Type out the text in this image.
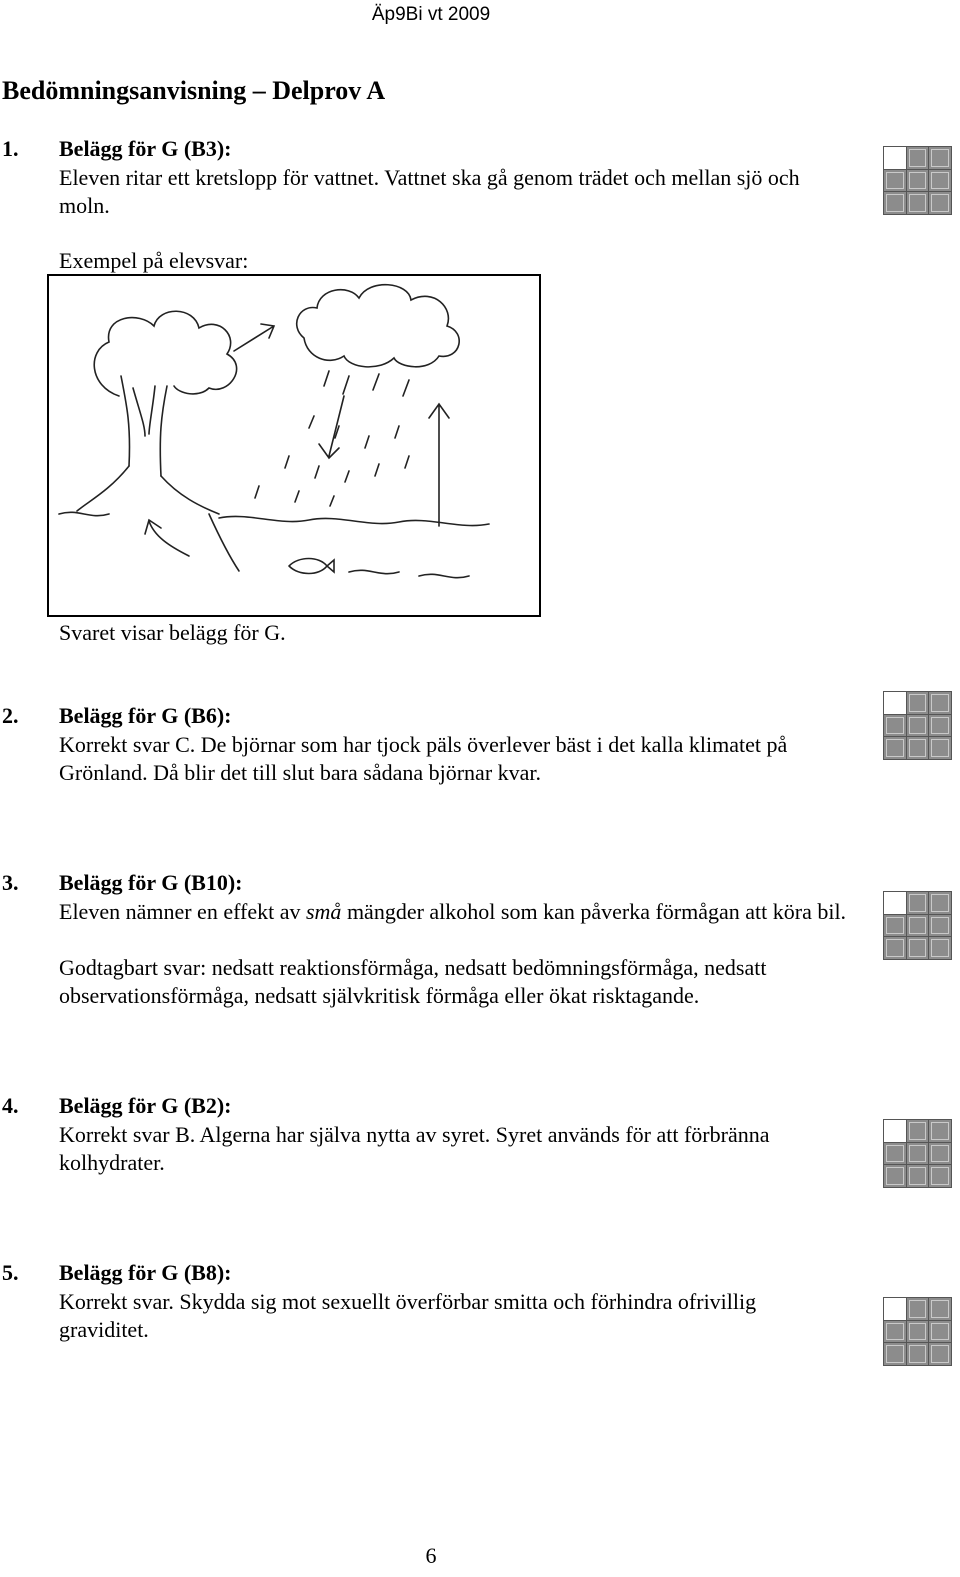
Äp9Bi vt 2009
Bedömningsanvisning – Delprov A
1. Belägg för G (B3):
Eleven ritar ett kretslopp för vattnet. Vattnet ska gå genom trädet och mellan sjö och moln.
Exempel på elevsvar:
Svaret visar belägg för G.
2. Belägg för G (B6):
Korrekt svar C. De björnar som har tjock päls överlever bäst i det kalla klimatet på Grönland. Då blir det till slut bara sådana björnar kvar.
3. Belägg för G (B10):
Eleven nämner en effekt av små mängder alkohol som kan påverka förmågan att köra bil.
Godtagbart svar: nedsatt reaktionsförmåga, nedsatt bedömningsförmåga, nedsatt observationsförmåga, nedsatt självkritisk förmåga eller ökat risktagande.
4. Belägg för G (B2):
Korrekt svar B. Algerna har själva nytta av syret. Syret används för att förbränna kolhydrater.
5. Belägg för G (B8):
Korrekt svar. Skydda sig mot sexuellt överförbar smitta och förhindra ofrivillig graviditet.
6
